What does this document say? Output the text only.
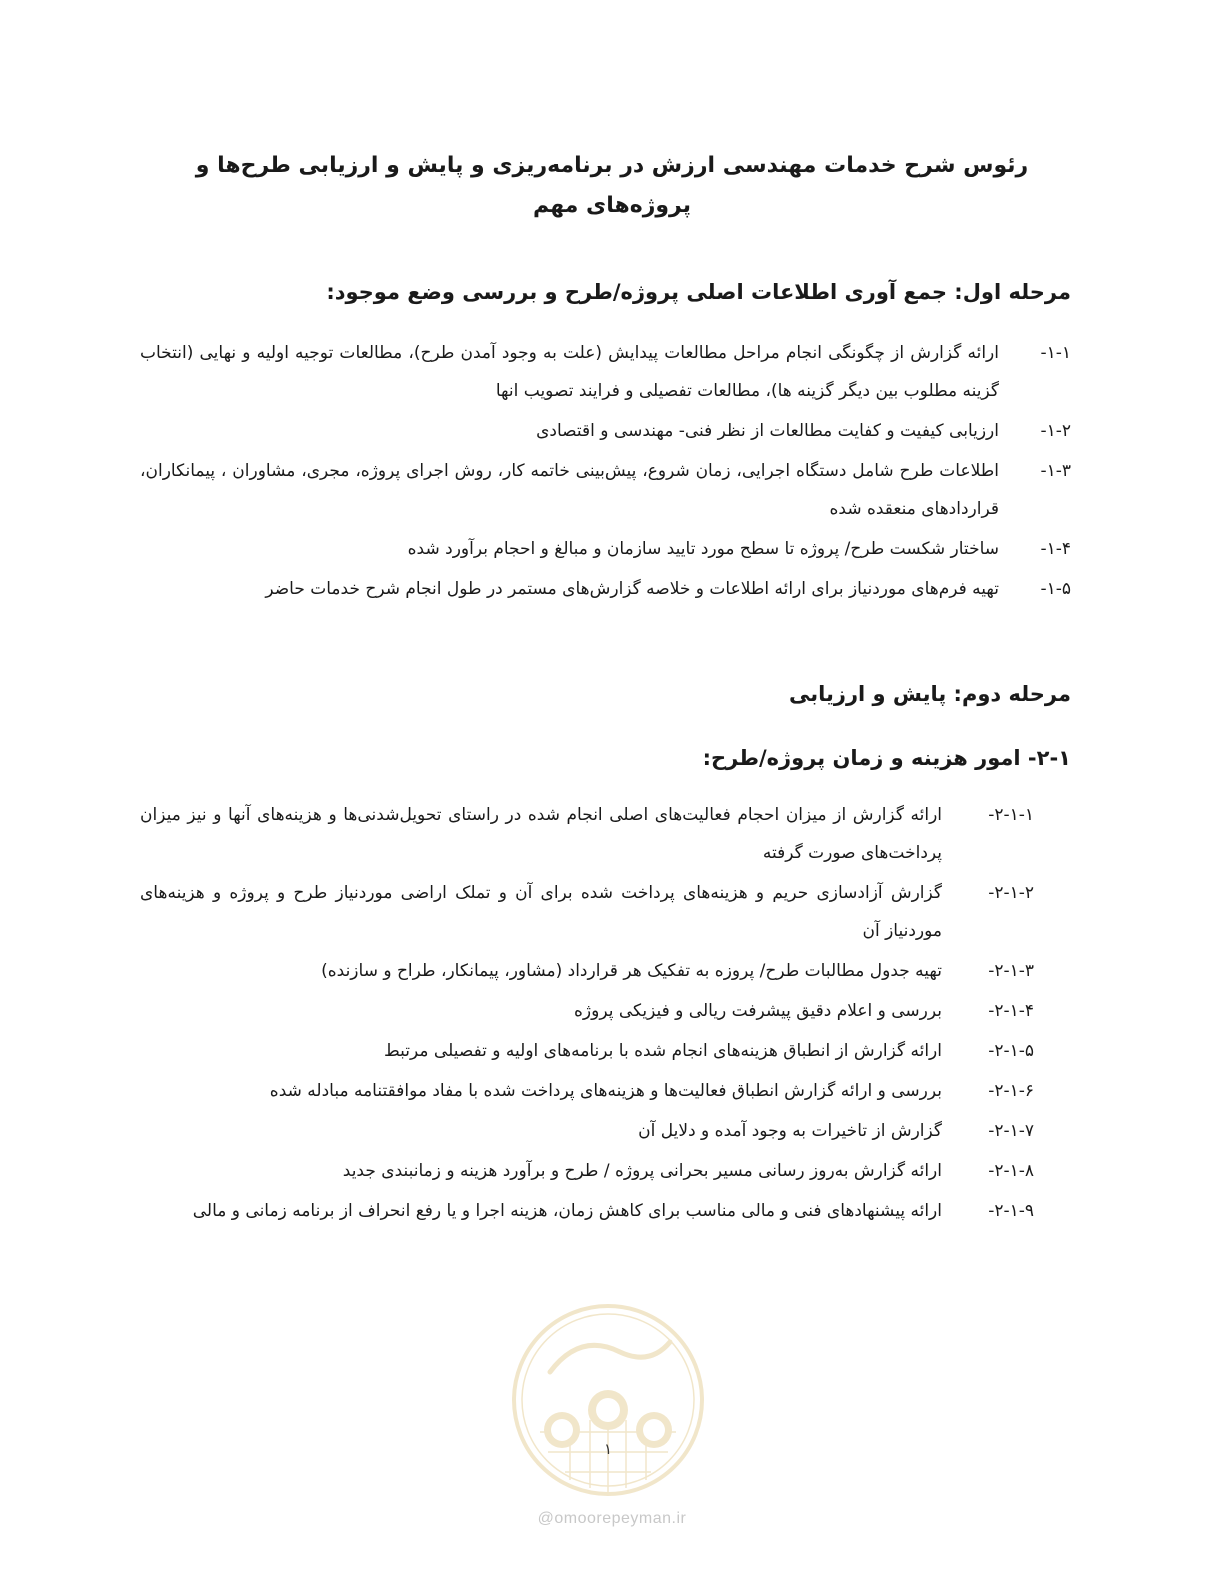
رئوس شرح خدمات مهندسی ارزش در برنامه‌ریزی و پایش و ارزیابی طرح‌ها و پروژه‌های مهم
مرحله اول: جمع آوری اطلاعات اصلی پروژه/طرح و بررسی وضع موجود:
۱-۱-
ارائه گزارش از چگونگی انجام مراحل مطالعات پیدایش (علت به وجود آمدن طرح)، مطالعات توجیه اولیه و نهایی (انتخاب گزینه مطلوب بین دیگر گزینه ها)، مطالعات تفصیلی و فرایند تصویب انها
۱-۲-
ارزیابی کیفیت و کفایت مطالعات از نظر فنی- مهندسی و اقتصادی
۱-۳-
اطلاعات طرح شامل دستگاه اجرایی، زمان شروع، پیش‌بینی خاتمه کار، روش اجرای پروژه، مجری، مشاوران ، پیمانکاران، قراردادهای منعقده شده
۱-۴-
ساختار شکست طرح/ پروژه تا سطح مورد تایید سازمان و مبالغ و احجام برآورد شده
۱-۵-
تهیه فرم‌های موردنیاز برای ارائه اطلاعات و خلاصه گزارش‌های مستمر در طول انجام شرح خدمات حاضر
مرحله دوم: پایش و ارزیابی
۲-۱- امور هزینه و زمان پروژه/طرح:
۲-۱-۱-
ارائه گزارش از میزان احجام فعالیت‌های اصلی انجام شده در راستای تحویل‌شدنی‌ها و هزینه‌های آنها و نیز میزان پرداخت‌های صورت گرفته
۲-۱-۲-
گزارش آزادسازی حریم و هزینه‌های پرداخت شده برای آن و تملک اراضی موردنیاز طرح و پروژه و هزینه‌های موردنیاز آن
۲-۱-۳-
تهیه جدول مطالبات طرح/ پروزه به تفکیک هر قرارداد (مشاور، پیمانکار، طراح و سازنده)
۲-۱-۴-
بررسی و اعلام دقیق پیشرفت ریالی و فیزیکی پروژه
۲-۱-۵-
ارائه گزارش از انطباق هزینه‌های انجام شده با برنامه‌های اولیه و تفصیلی مرتبط
۲-۱-۶-
بررسی و ارائه گزارش انطباق فعالیت‌ها و هزینه‌های پرداخت شده با مفاد موافقتنامه مبادله شده
۲-۱-۷-
گزارش از تاخیرات به وجود آمده و دلایل آن
۲-۱-۸-
ارائه گزارش به‌روز رسانی مسیر بحرانی پروژه / طرح و برآورد هزینه و زمانبندی جدید
۲-۱-۹-
ارائه پیشنهادهای فنی و مالی مناسب برای کاهش زمان، هزینه اجرا و یا رفع انحراف از برنامه زمانی و مالی
۱
@omoorepeyman.ir
